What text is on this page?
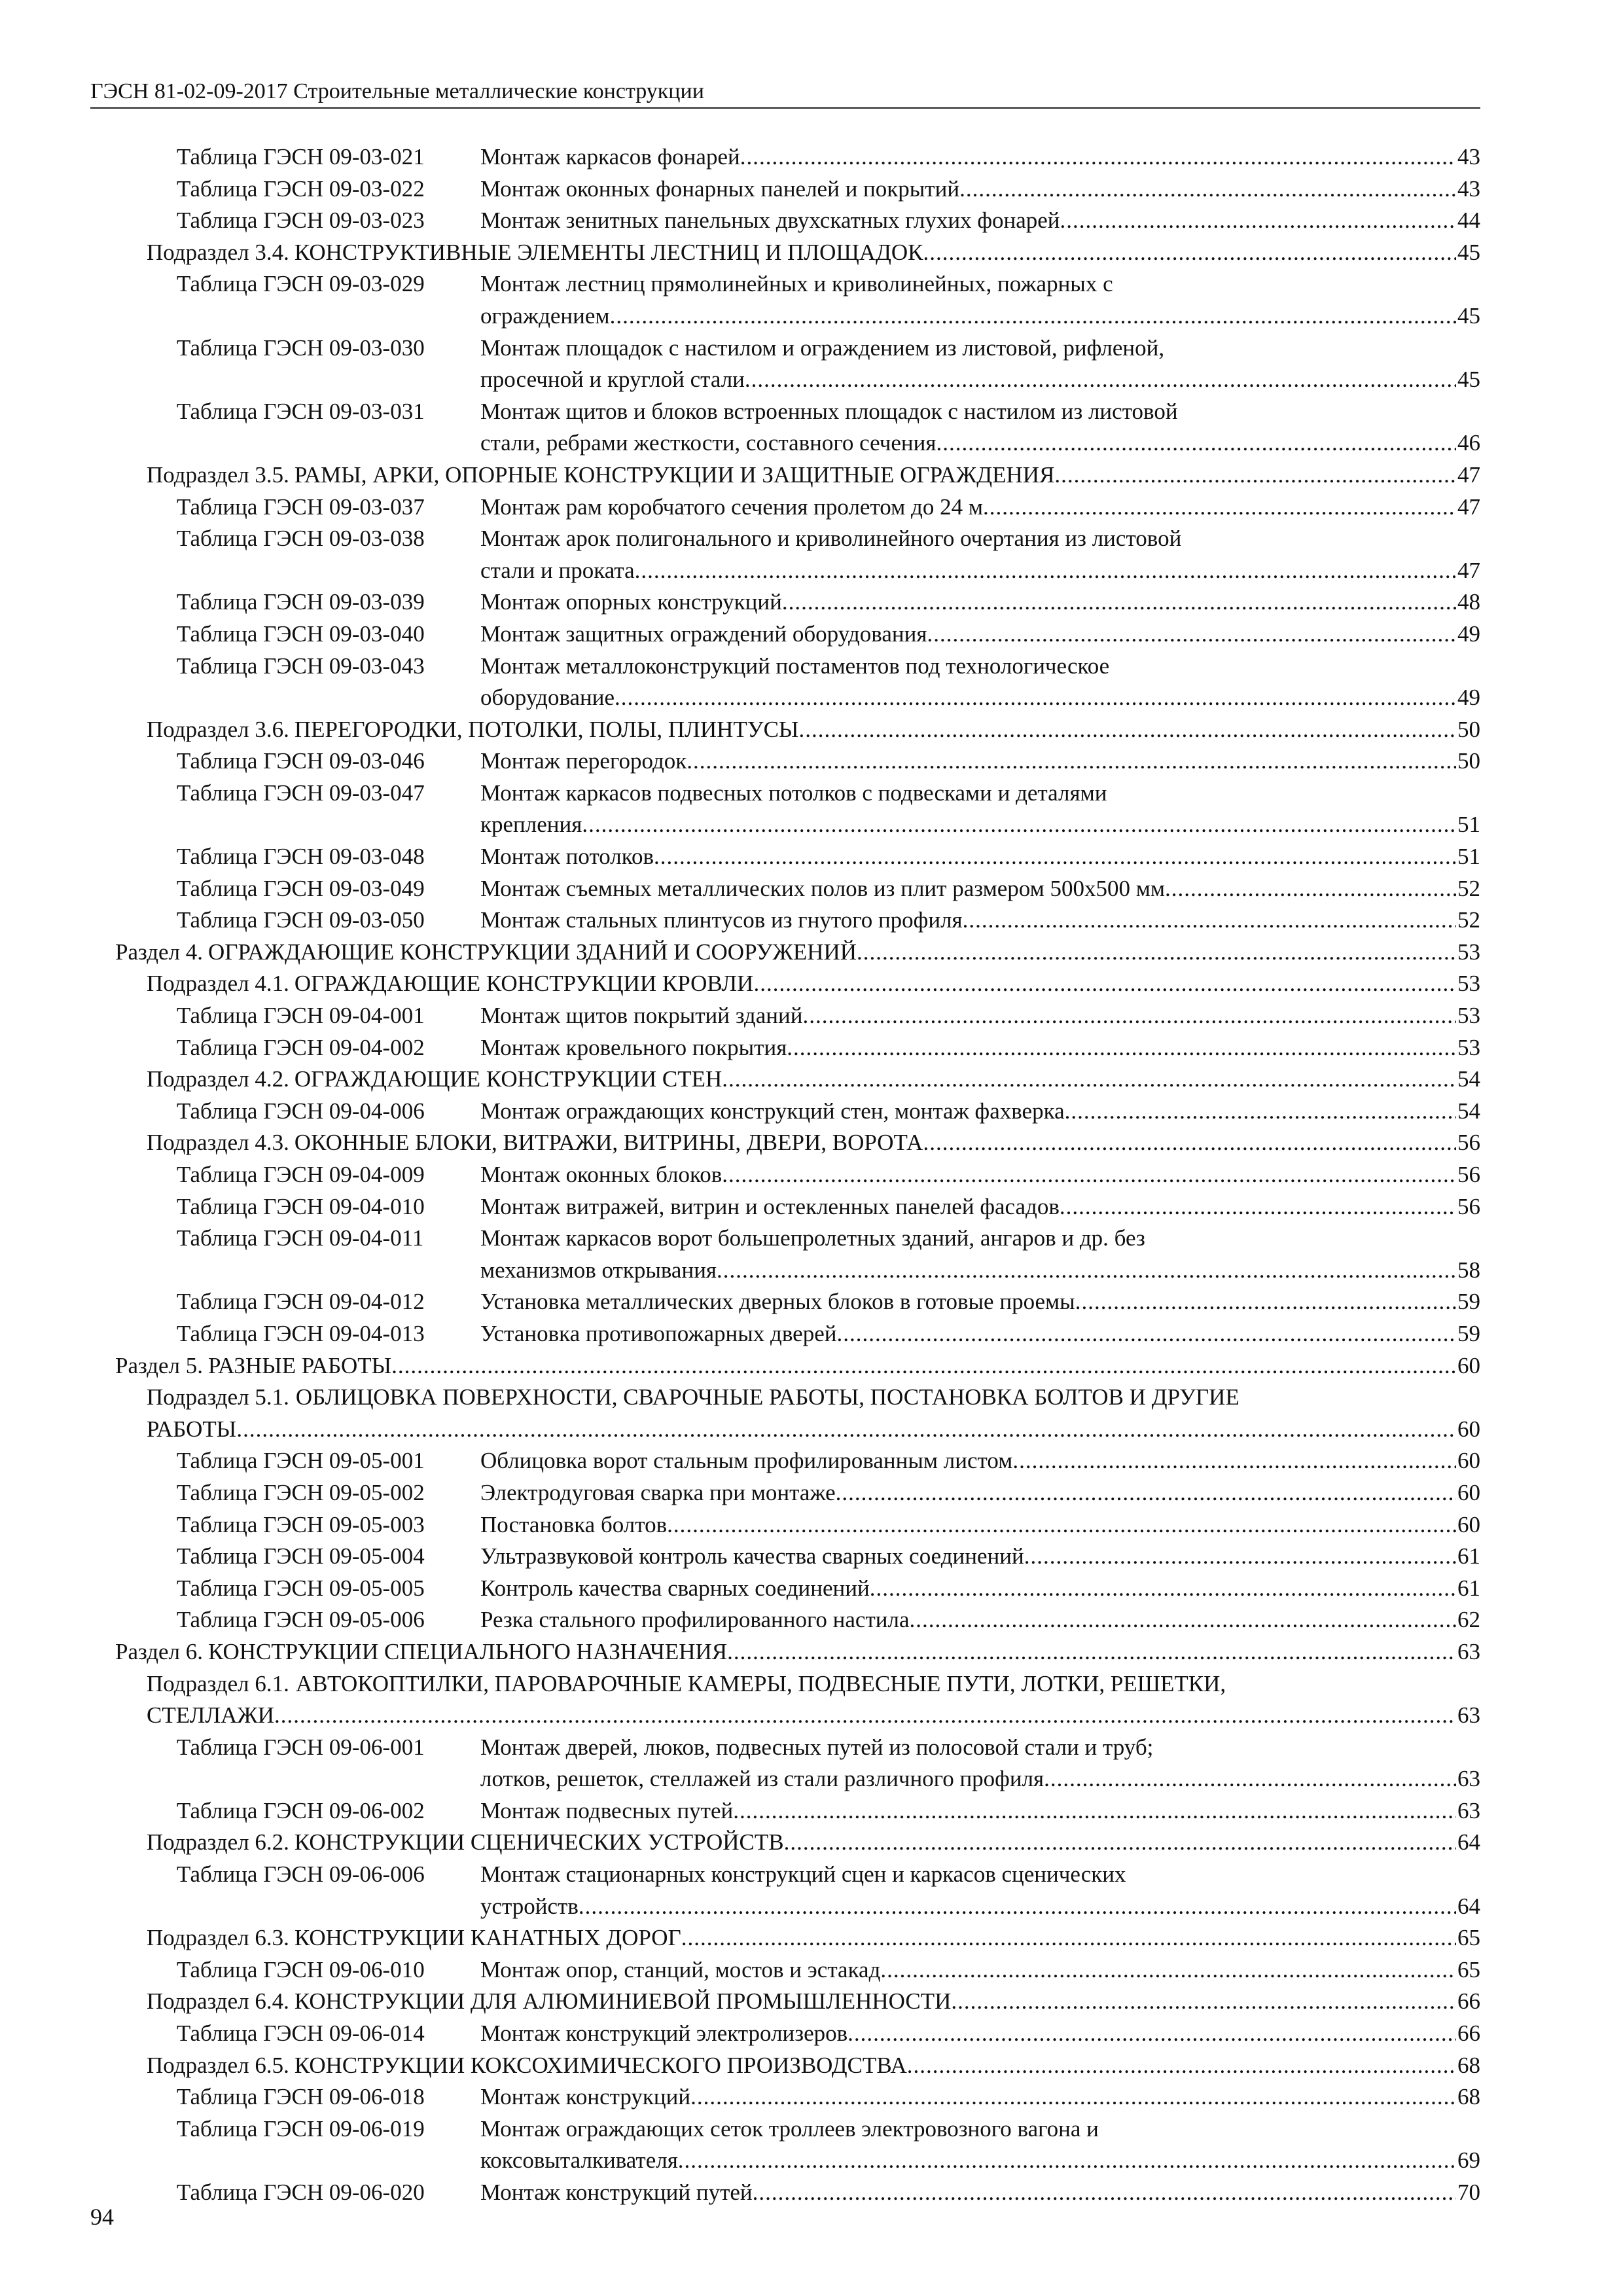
ГЭСН 81-02-09-2017 Строительные металлические конструкции
Таблица ГЭСН 09-03-021	Монтаж каркасов фонарей .....	43
Таблица ГЭСН 09-03-022	Монтаж оконных фонарных панелей и покрытий .....	43
Таблица ГЭСН 09-03-023	Монтаж зенитных панельных двухскатных глухих фонарей .....	44
Подраздел 3.4. КОНСТРУКТИВНЫЕ ЭЛЕМЕНТЫ ЛЕСТНИЦ И ПЛОЩАДОК .....	45
Таблица ГЭСН 09-03-029	Монтаж лестниц прямолинейных и криволинейных, пожарных с
ограждением .....	45
Таблица ГЭСН 09-03-030	Монтаж площадок с настилом и ограждением из листовой, рифленой,
просечной и круглой стали .....	45
Таблица ГЭСН 09-03-031	Монтаж щитов и блоков встроенных площадок с настилом из листовой
стали, ребрами жесткости, составного сечения .....	46
Подраздел 3.5. РАМЫ, АРКИ, ОПОРНЫЕ КОНСТРУКЦИИ И ЗАЩИТНЫЕ ОГРАЖДЕНИЯ .....	47
Таблица ГЭСН 09-03-037	Монтаж рам коробчатого сечения пролетом до 24 м .....	47
Таблица ГЭСН 09-03-038	Монтаж арок полигонального и криволинейного очертания из листовой
стали и проката .....	47
Таблица ГЭСН 09-03-039	Монтаж опорных конструкций .....	48
Таблица ГЭСН 09-03-040	Монтаж защитных ограждений оборудования .....	49
Таблица ГЭСН 09-03-043	Монтаж металлоконструкций постаментов под технологическое
оборудование .....	49
Подраздел 3.6. ПЕРЕГОРОДКИ, ПОТОЛКИ, ПОЛЫ, ПЛИНТУСЫ .....	50
Таблица ГЭСН 09-03-046	Монтаж перегородок .....	50
Таблица ГЭСН 09-03-047	Монтаж каркасов подвесных потолков с подвесками и деталями
крепления .....	51
Таблица ГЭСН 09-03-048	Монтаж потолков .....	51
Таблица ГЭСН 09-03-049	Монтаж съемных металлических полов из плит размером 500х500 мм .....	52
Таблица ГЭСН 09-03-050	Монтаж стальных плинтусов из гнутого профиля .....	52
Раздел 4. ОГРАЖДАЮЩИЕ КОНСТРУКЦИИ ЗДАНИЙ И СООРУЖЕНИЙ .....	53
Подраздел 4.1. ОГРАЖДАЮЩИЕ КОНСТРУКЦИИ КРОВЛИ .....	53
Таблица ГЭСН 09-04-001	Монтаж щитов покрытий зданий .....	53
Таблица ГЭСН 09-04-002	Монтаж кровельного покрытия .....	53
Подраздел 4.2. ОГРАЖДАЮЩИЕ КОНСТРУКЦИИ СТЕН .....	54
Таблица ГЭСН 09-04-006	Монтаж ограждающих конструкций стен, монтаж фахверка .....	54
Подраздел 4.3. ОКОННЫЕ БЛОКИ, ВИТРАЖИ, ВИТРИНЫ, ДВЕРИ, ВОРОТА .....	56
Таблица ГЭСН 09-04-009	Монтаж оконных блоков .....	56
Таблица ГЭСН 09-04-010	Монтаж витражей, витрин и остекленных панелей фасадов .....	56
Таблица ГЭСН 09-04-011	Монтаж каркасов ворот большепролетных зданий, ангаров и др. без
механизмов открывания .....	58
Таблица ГЭСН 09-04-012	Установка металлических дверных блоков в готовые проемы .....	59
Таблица ГЭСН 09-04-013	Установка противопожарных дверей .....	59
Раздел 5. РАЗНЫЕ РАБОТЫ .....	60
Подраздел 5.1. ОБЛИЦОВКА ПОВЕРХНОСТИ, СВАРОЧНЫЕ РАБОТЫ, ПОСТАНОВКА БОЛТОВ И ДРУГИЕ
РАБОТЫ .....	60
Таблица ГЭСН 09-05-001	Облицовка ворот стальным профилированным листом .....	60
Таблица ГЭСН 09-05-002	Электродуговая сварка при монтаже .....	60
Таблица ГЭСН 09-05-003	Постановка болтов .....	60
Таблица ГЭСН 09-05-004	Ультразвуковой контроль качества сварных соединений .....	61
Таблица ГЭСН 09-05-005	Контроль качества сварных соединений .....	61
Таблица ГЭСН 09-05-006	Резка стального профилированного настила .....	62
Раздел 6. КОНСТРУКЦИИ СПЕЦИАЛЬНОГО НАЗНАЧЕНИЯ .....	63
Подраздел 6.1. АВТОКОПТИЛКИ, ПАРОВАРОЧНЫЕ КАМЕРЫ, ПОДВЕСНЫЕ ПУТИ, ЛОТКИ, РЕШЕТКИ,
СТЕЛЛАЖИ .....	63
Таблица ГЭСН 09-06-001	Монтаж дверей, люков, подвесных путей из полосовой стали и труб;
лотков, решеток, стеллажей из стали различного профиля .....	63
Таблица ГЭСН 09-06-002	Монтаж подвесных путей .....	63
Подраздел 6.2. КОНСТРУКЦИИ СЦЕНИЧЕСКИХ УСТРОЙСТВ .....	64
Таблица ГЭСН 09-06-006	Монтаж стационарных конструкций сцен и каркасов сценических
устройств .....	64
Подраздел 6.3. КОНСТРУКЦИИ КАНАТНЫХ ДОРОГ .....	65
Таблица ГЭСН 09-06-010	Монтаж опор, станций, мостов и эстакад .....	65
Подраздел 6.4. КОНСТРУКЦИИ ДЛЯ АЛЮМИНИЕВОЙ ПРОМЫШЛЕННОСТИ .....	66
Таблица ГЭСН 09-06-014	Монтаж конструкций электролизеров .....	66
Подраздел 6.5. КОНСТРУКЦИИ КОКСОХИМИЧЕСКОГО ПРОИЗВОДСТВА .....	68
Таблица ГЭСН 09-06-018	Монтаж конструкций .....	68
Таблица ГЭСН 09-06-019	Монтаж ограждающих сеток троллеев электровозного вагона и
коксовыталкивателя .....	69
Таблица ГЭСН 09-06-020	Монтаж конструкций путей .....	70
94
